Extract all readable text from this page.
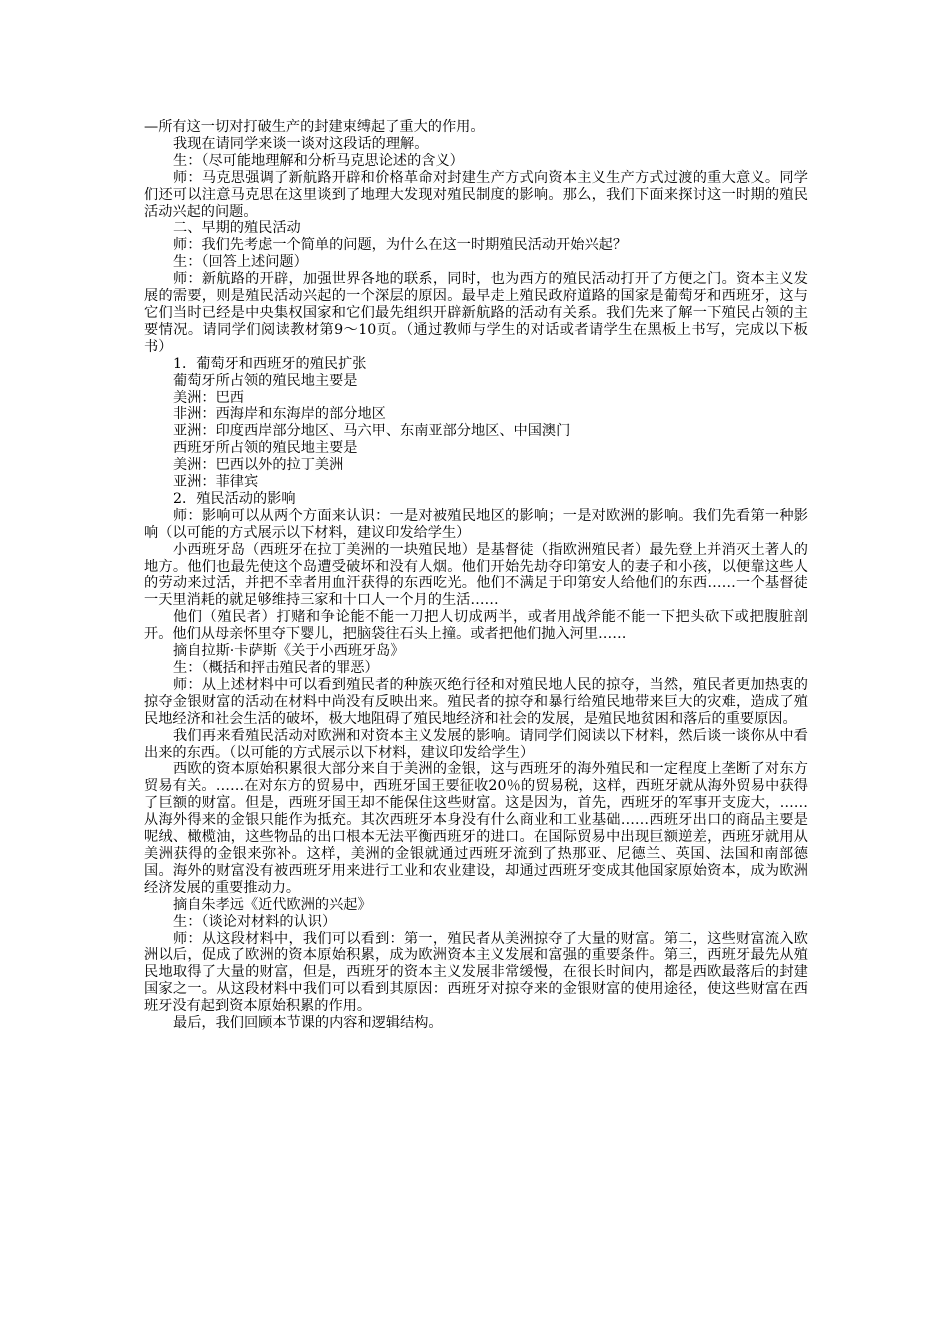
—所有这一切对打破生产的封建束缚起了重大的作用。

我现在请同学来谈一谈对这段话的理解。

生：（尽可能地理解和分析马克思论述的含义）

师：马克思强调了新航路开辟和价格革命对封建生产方式向资本主义生产方式过渡的重大意义。同学们还可以注意马克思在这里谈到了地理大发现对殖民制度的影响。那么，我们下面来探讨这一时期的殖民活动兴起的问题。

二、早期的殖民活动

师：我们先考虑一个简单的问题，为什么在这一时期殖民活动开始兴起？

生：（回答上述问题）

师：新航路的开辟，加强世界各地的联系，同时，也为西方的殖民活动打开了方便之门。资本主义发展的需要，则是殖民活动兴起的一个深层的原因。最早走上殖民政府道路的国家是葡萄牙和西班牙，这与它们当时已经是中央集权国家和它们最先组织开辟新航路的活动有关系。我们先来了解一下殖民占领的主要情况。请同学们阅读教材第9～10页。（通过教师与学生的对话或者请学生在黑板上书写，完成以下板书）

1．葡萄牙和西班牙的殖民扩张

葡萄牙所占领的殖民地主要是

美洲：巴西

非洲：西海岸和东海岸的部分地区

亚洲：印度西岸部分地区、马六甲、东南亚部分地区、中国澳门

西班牙所占领的殖民地主要是

美洲：巴西以外的拉丁美洲

亚洲：菲律宾

2．殖民活动的影响

师：影响可以从两个方面来认识：一是对被殖民地区的影响；一是对欧洲的影响。我们先看第一种影响（以可能的方式展示以下材料，建议印发给学生）

小西班牙岛（西班牙在拉丁美洲的一块殖民地）是基督徒（指欧洲殖民者）最先登上并消灭土著人的地方。他们也最先使这个岛遭受破坏和没有人烟。他们开始先劫夺印第安人的妻子和小孩，以便靠这些人的劳动来过活，并把不幸者用血汗获得的东西吃光。他们不满足于印第安人给他们的东西……一个基督徒一天里消耗的就足够维持三家和十口人一个月的生活……

他们（殖民者）打赌和争论能不能一刀把人切成两半，或者用战斧能不能一下把头砍下或把腹脏剖开。他们从母亲怀里夺下婴儿，把脑袋往石头上撞。或者把他们抛入河里……

摘自拉斯·卡萨斯《关于小西班牙岛》

生：（概括和抨击殖民者的罪恶）

师：从上述材料中可以看到殖民者的种族灭绝行径和对殖民地人民的掠夺，当然，殖民者更加热衷的掠夺金银财富的活动在材料中尚没有反映出来。殖民者的掠夺和暴行给殖民地带来巨大的灾难，造成了殖民地经济和社会生活的破坏，极大地阻碍了殖民地经济和社会的发展，是殖民地贫困和落后的重要原因。

我们再来看殖民活动对欧洲和对资本主义发展的影响。请同学们阅读以下材料，然后谈一谈你从中看出来的东西。（以可能的方式展示以下材料，建议印发给学生）

西欧的资本原始积累很大部分来自于美洲的金银，这与西班牙的海外殖民和一定程度上垄断了对东方贸易有关。……在对东方的贸易中，西班牙国王要征收20％的贸易税，这样，西班牙就从海外贸易中获得了巨额的财富。但是，西班牙国王却不能保住这些财富。这是因为，首先，西班牙的军事开支庞大，……从海外得来的金银只能作为抵充。其次西班牙本身没有什么商业和工业基础……西班牙出口的商品主要是呢绒、橄榄油，这些物品的出口根本无法平衡西班牙的进口。在国际贸易中出现巨额逆差，西班牙就用从美洲获得的金银来弥补。这样，美洲的金银就通过西班牙流到了热那亚、尼德兰、英国、法国和南部德国。海外的财富没有被西班牙用来进行工业和农业建设，却通过西班牙变成其他国家原始资本，成为欧洲经济发展的重要推动力。

摘自朱孝远《近代欧洲的兴起》

生：（谈论对材料的认识）

师：从这段材料中，我们可以看到：第一，殖民者从美洲掠夺了大量的财富。第二，这些财富流入欧洲以后，促成了欧洲的资本原始积累，成为欧洲资本主义发展和富强的重要条件。第三，西班牙最先从殖民地取得了大量的财富，但是，西班牙的资本主义发展非常缓慢，在很长时间内，都是西欧最落后的封建国家之一。从这段材料中我们可以看到其原因：西班牙对掠夺来的金银财富的使用途径，使这些财富在西班牙没有起到资本原始积累的作用。

最后，我们回顾本节课的内容和逻辑结构。
